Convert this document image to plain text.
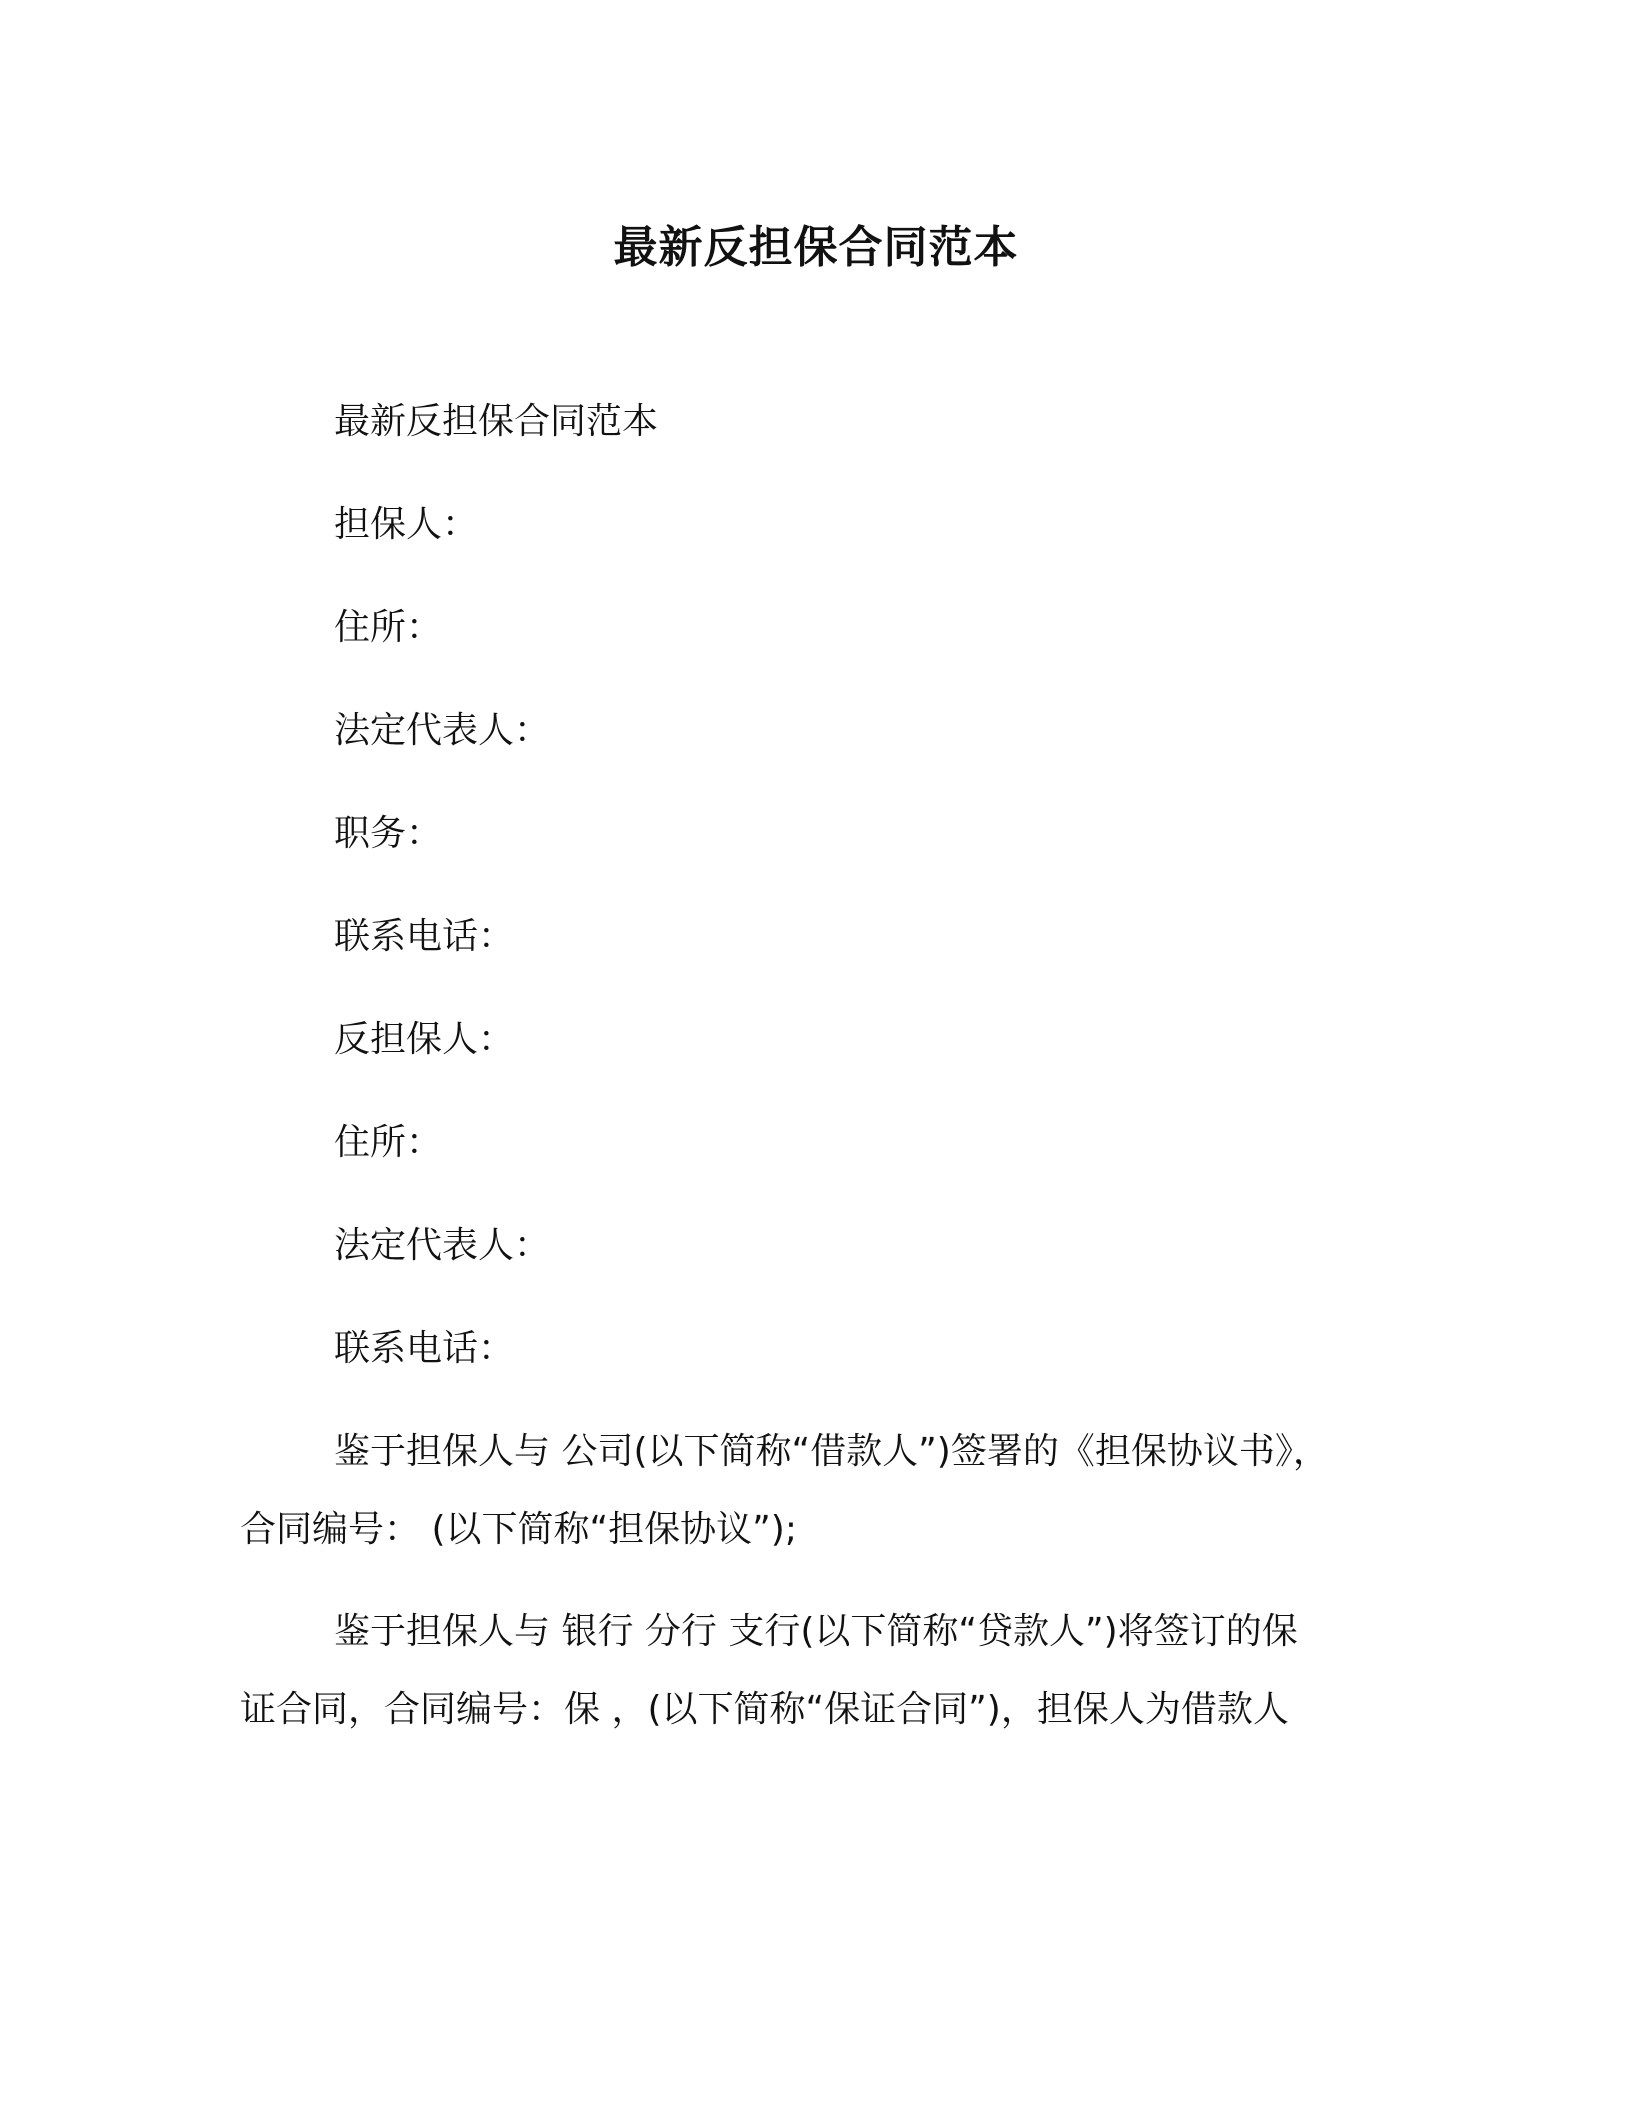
最新反担保合同范本
最新反担保合同范本
担保人：
住所：
法定代表人：
职务：
联系电话：
反担保人：
住所：
法定代表人：
联系电话：
鉴于担保人与 公司(以下简称“借款人”)签署的《担保协议书》，
合同编号： (以下简称“担保协议”);
鉴于担保人与 银行 分行 支行(以下简称“贷款人”)将签订的保
证合同，合同编号：保 ，(以下简称“保证合同”)，担保人为借款人
